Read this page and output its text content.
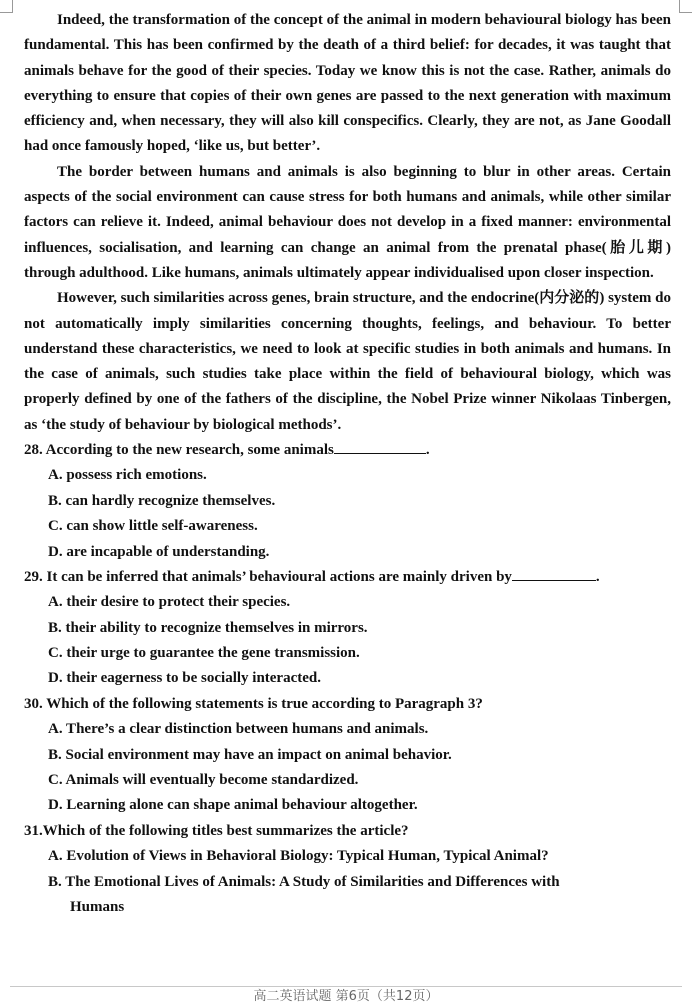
Indeed, the transformation of the concept of the animal in modern behavioural biology has been fundamental. This has been confirmed by the death of a third belief: for decades, it was taught that animals behave for the good of their species. Today we know this is not the case. Rather, animals do everything to ensure that copies of their own genes are passed to the next generation with maximum efficiency and, when necessary, they will also kill conspecifics. Clearly, they are not, as Jane Goodall had once famously hoped, ‘like us, but better’.

The border between humans and animals is also beginning to blur in other areas. Certain aspects of the social environment can cause stress for both humans and animals, while other similar factors can relieve it. Indeed, animal behaviour does not develop in a fixed manner: environmental influences, socialisation, and learning can change an animal from the prenatal phase(胎儿期) through adulthood. Like humans, animals ultimately appear individualised upon closer inspection.

However, such similarities across genes, brain structure, and the endocrine(内分泌的) system do not automatically imply similarities concerning thoughts, feelings, and behaviour. To better understand these characteristics, we need to look at specific studies in both animals and humans. In the case of animals, such studies take place within the field of behavioural biology, which was properly defined by one of the fathers of the discipline, the Nobel Prize winner Nikolaas Tinbergen, as ‘the study of behaviour by biological methods’.

28. According to the new research, some animals	.

A. possess rich emotions.

B. can hardly recognize themselves.

C. can show little self-awareness.

D. are incapable of understanding.

29. It can be inferred that animals’ behavioural actions are mainly driven by	.

A. their desire to protect their species.

B. their ability to recognize themselves in mirrors.

C. their urge to guarantee the gene transmission.

D. their eagerness to be socially interacted.

30. Which of the following statements is true according to Paragraph 3?

A. There’s a clear distinction between humans and animals.

B. Social environment may have an impact on animal behavior.

C. Animals will eventually become standardized.

D. Learning alone can shape animal behaviour altogether.

31.Which of the following titles best summarizes the article?

A. Evolution of Views in Behavioral Biology: Typical Human, Typical Animal?

B. The Emotional Lives of Animals: A Study of Similarities and Differences with

Humans

高二英语试题 第6页（共12页）
